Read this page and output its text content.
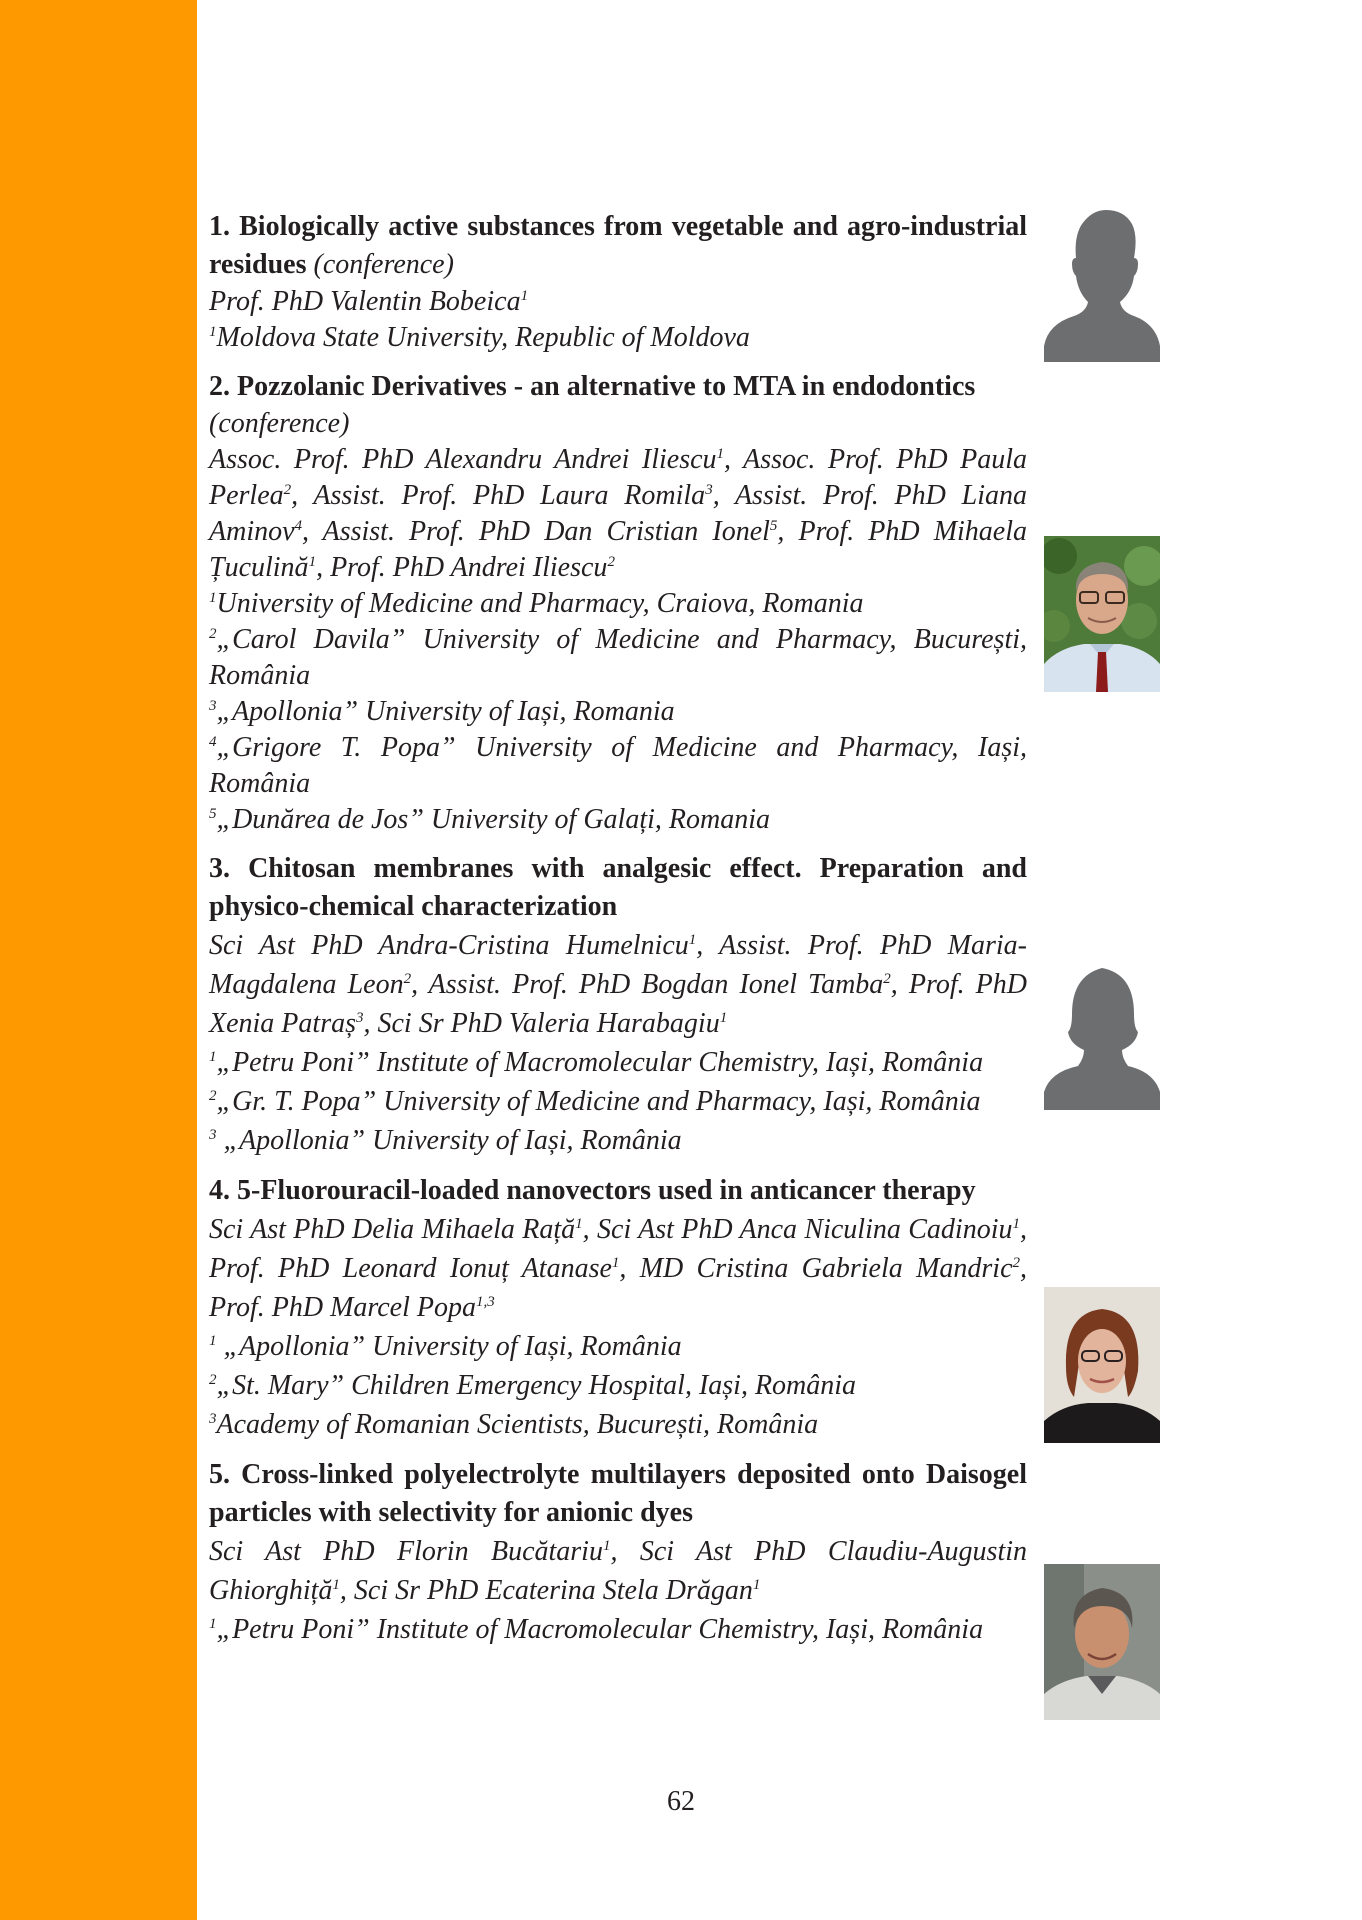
1. Biologically active substances from vegetable and agro-industrial residues (conference)

Prof. PhD Valentin Bobeica$^1$

$^1$Moldova State University, Republic of Moldova

2. Pozzolanic Derivatives - an alternative to MTA in endodontics

(conference)

Assoc. Prof. PhD Alexandru Andrei Iliescu$^1$, Assoc. Prof. PhD Paula Perlea$^2$, Assist. Prof. PhD Laura Romila$^3$, Assist. Prof. PhD Liana Aminov$^4$, Assist. Prof. PhD Dan Cristian Ionel$^5$, Prof. PhD Mihaela Țuculină$^1$, Prof. PhD Andrei Iliescu$^2$

$^1$University of Medicine and Pharmacy, Craiova, Romania

$^2$„Carol Davila” University of Medicine and Pharmacy, București, România

$^3$„Apollonia” University of Iași, Romania

$^4$„Grigore T. Popa” University of Medicine and Pharmacy, Iași, România

$^5$„Dunărea de Jos” University of Galați, Romania

3. Chitosan membranes with analgesic effect. Preparation and physico-chemical characterization

Sci Ast PhD Andra-Cristina Humelnicu$^1$, Assist. Prof. PhD Maria-Magdalena Leon$^2$, Assist. Prof. PhD Bogdan Ionel Tamba$^2$, Prof. PhD Xenia Patraș$^3$, Sci Sr PhD Valeria Harabagiu$^1$

$^1$„Petru Poni” Institute of Macromolecular Chemistry, Iași, România

$^2$„Gr. T. Popa” University of Medicine and Pharmacy, Iași, România

$^3$ „Apollonia” University of Iași, România

4. 5-Fluorouracil-loaded nanovectors used in anticancer therapy

Sci Ast PhD Delia Mihaela Rață$^1$, Sci Ast PhD Anca Niculina Cadinoiu$^1$, Prof. PhD Leonard Ionuț Atanase$^1$, MD Cristina Gabriela Mandric$^2$, Prof. PhD Marcel Popa$^{1,3}$

$^1$ „Apollonia” University of Iași, România

$^2$„St. Mary” Children Emergency Hospital, Iași, România

$^3$Academy of Romanian Scientists, București, România

5. Cross-linked polyelectrolyte multilayers deposited onto Daisogel particles with selectivity for anionic dyes

Sci Ast PhD Florin Bucătariu$^1$, Sci Ast PhD Claudiu-Augustin Ghiorghiță$^1$, Sci Sr PhD Ecaterina Stela Drăgan$^1$

$^1$„Petru Poni” Institute of Macromolecular Chemistry, Iași, România

62
